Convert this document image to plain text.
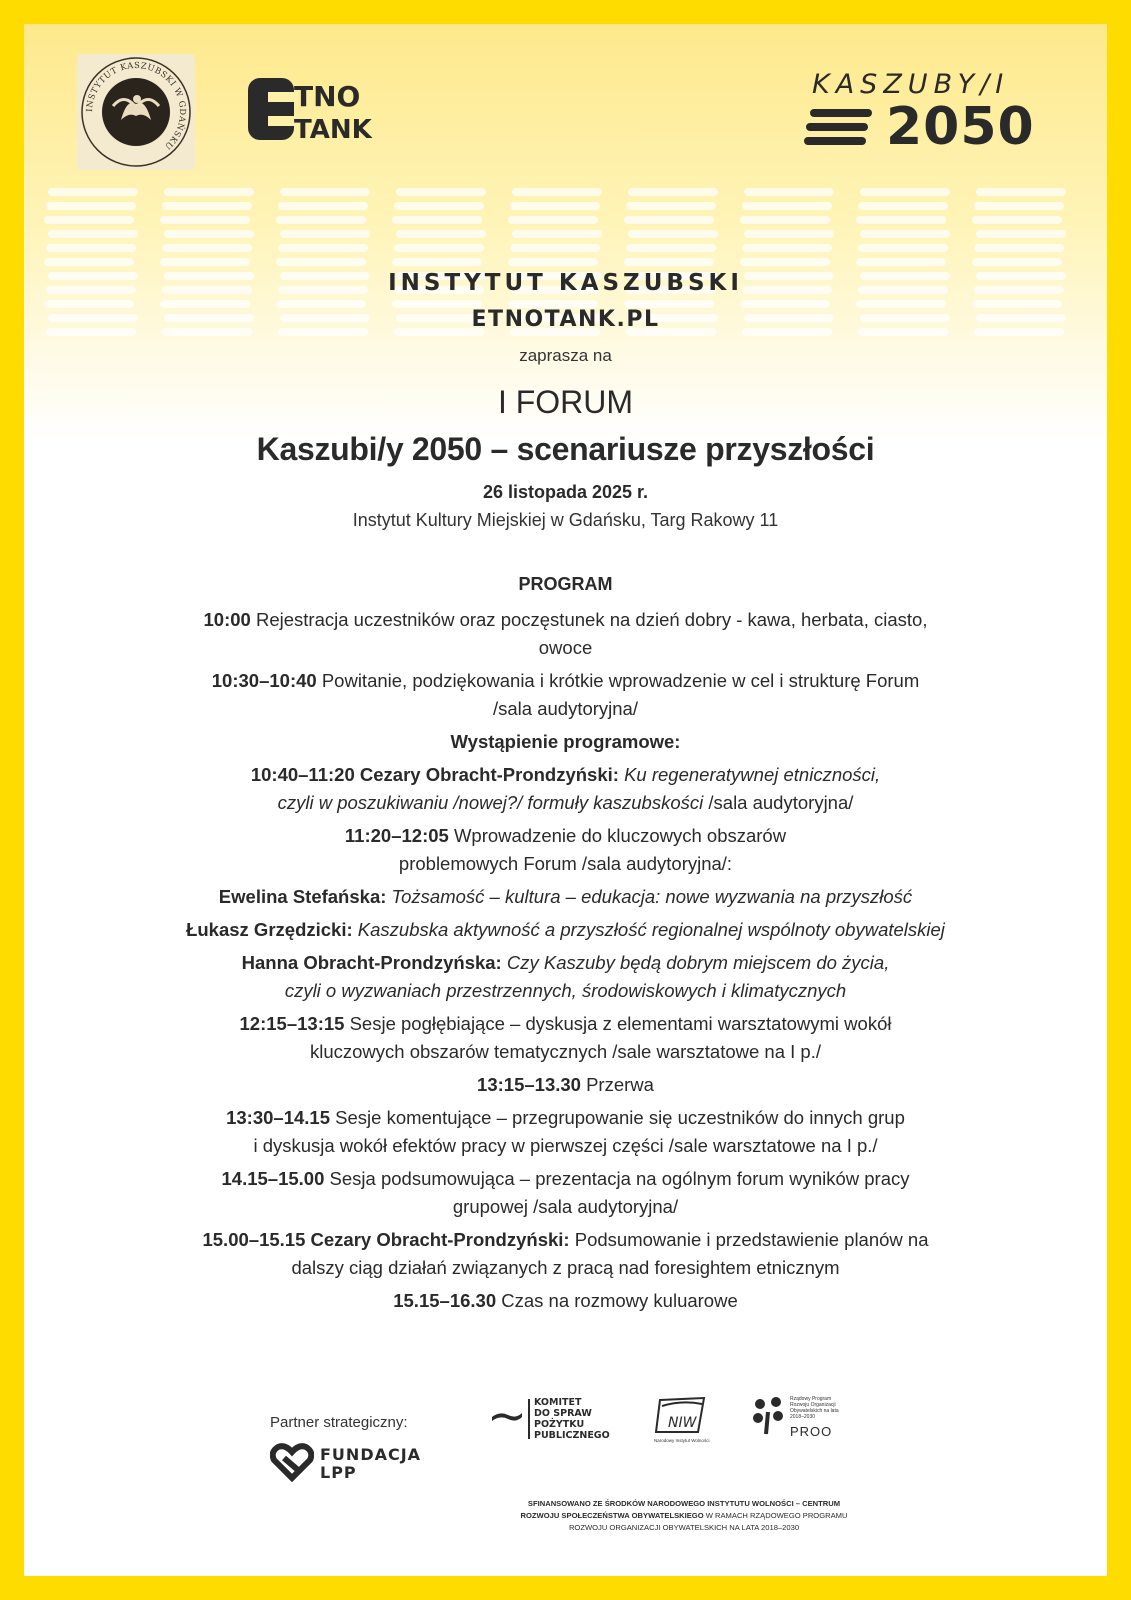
INSTYTUT KASZUBSKI W GDAŃSKU
TNO
TANK
KASZUBY/I
2050
INSTYTUT KASZUBSKI
ETNOTANK.PL
zaprasza na
I FORUM
Kaszubi/y 2050 – scenariusze przyszłości
26 listopada 2025 r.
Instytut Kultury Miejskiej w Gdańsku, Targ Rakowy 11
PROGRAM
10:00 Rejestracja uczestników oraz poczęstunek na dzień dobry - kawa, herbata, ciasto,
owoce
10:30–10:40 Powitanie, podziękowania i krótkie wprowadzenie w cel i strukturę Forum
/sala audytoryjna/
Wystąpienie programowe:
10:40–11:20 Cezary Obracht-Prondzyński: Ku regeneratywnej etniczności,
czyli w poszukiwaniu /nowej?/ formuły kaszubskości /sala audytoryjna/
11:20–12:05 Wprowadzenie do kluczowych obszarów
problemowych Forum /sala audytoryjna/:
Ewelina Stefańska: Tożsamość – kultura – edukacja: nowe wyzwania na przyszłość
Łukasz Grzędzicki: Kaszubska aktywność a przyszłość regionalnej wspólnoty obywatelskiej
Hanna Obracht-Prondzyńska: Czy Kaszuby będą dobrym miejscem do życia,
czyli o wyzwaniach przestrzennych, środowiskowych i klimatycznych
12:15–13:15 Sesje pogłębiające – dyskusja z elementami warsztatowymi wokół
kluczowych obszarów tematycznych /sale warsztatowe na I p./
13:15–13.30 Przerwa
13:30–14.15 Sesje komentujące – przegrupowanie się uczestników do innych grup
i dyskusja wokół efektów pracy w pierwszej części /sale warsztatowe na I p./
14.15–15.00 Sesja podsumowująca – prezentacja na ogólnym forum wyników pracy
grupowej /sala audytoryjna/
15.00–15.15 Cezary Obracht-Prondzyński: Podsumowanie i przedstawienie planów na
dalszy ciąg działań związanych z pracą nad foresightem etnicznym
15.15–16.30 Czas na rozmowy kuluarowe
Partner strategiczny:
FUNDACJA
LPP
KOMITET
DO SPRAW
POŻYTKU
PUBLICZNEGO
NIW
Narodowy Instytut Wolności
Rządowy Program Rozwoju Organizacji Obywatelskich na lata 2018–2030
PROO
SFINANSOWANO ZE ŚRODKÓW NARODOWEGO INSTYTUTU WOLNOŚCI – CENTRUM
ROZWOJU SPOŁECZEŃSTWA OBYWATELSKIEGO W RAMACH RZĄDOWEGO PROGRAMU
ROZWOJU ORGANIZACJI OBYWATELSKICH NA LATA 2018–2030
